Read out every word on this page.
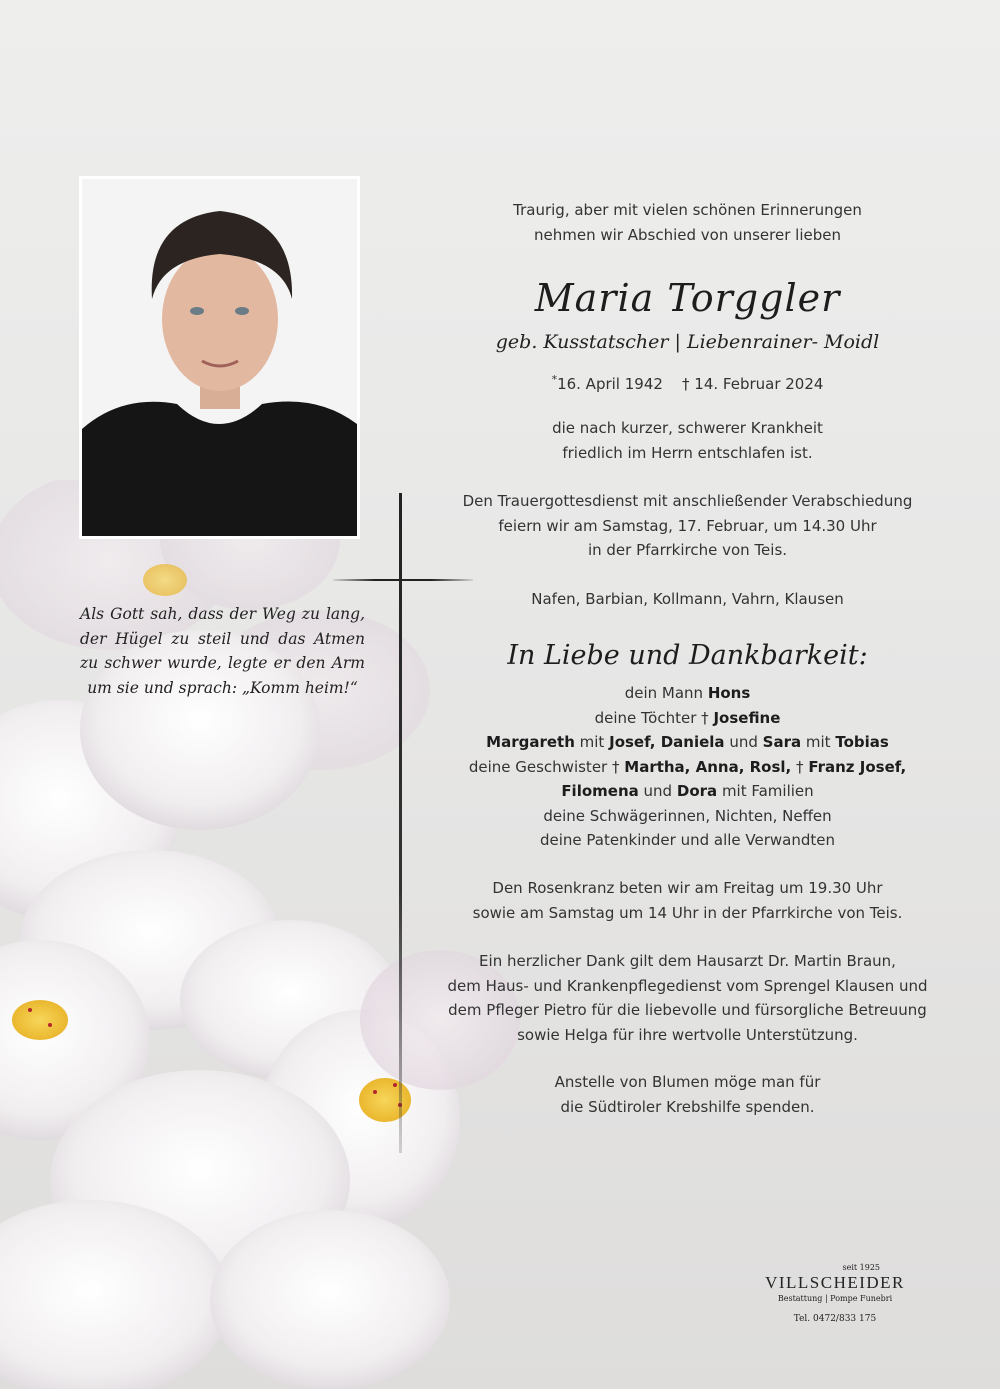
Als Gott sah, dass der Weg zu lang, der Hügel zu steil und das Atmen zu schwer wurde, legte er den Arm um sie und sprach: „Komm heim!“

Traurig, aber mit vielen schönen Erinnerungen

nehmen wir Abschied von unserer lieben

Maria Torggler
geb. Kusstatscher | Liebenrainer- Moidl
*16. April 1942 † 14. Februar 2024

die nach kurzer, schwerer Krankheit

friedlich im Herrn entschlafen ist.

Den Trauergottesdienst mit anschließender Verabschiedung

feiern wir am Samstag, 17. Februar, um 14.30 Uhr

in der Pfarrkirche von Teis.

Nafen, Barbian, Kollmann, Vahrn, Klausen
In Liebe und Dankbarkeit:

dein Mann Hons

deine Töchter † Josefine

Margareth mit Josef, Daniela und Sara mit Tobias

deine Geschwister † Martha, Anna, Rosl, † Franz Josef,

Filomena und Dora mit Familien

deine Schwägerinnen, Nichten, Neffen

deine Patenkinder und alle Verwandten

Den Rosenkranz beten wir am Freitag um 19.30 Uhr

sowie am Samstag um 14 Uhr in der Pfarrkirche von Teis.

Ein herzlicher Dank gilt dem Hausarzt Dr. Martin Braun,

dem Haus- und Krankenpflegedienst vom Sprengel Klausen und

dem Pfleger Pietro für die liebevolle und fürsorgliche Betreuung

sowie Helga für ihre wertvolle Unterstützung.

Anstelle von Blumen möge man für

die Südtiroler Krebshilfe spenden.

seit 1925
VILLSCHEIDER
Bestattung | Pompe Funebri
Tel. 0472/833 175
